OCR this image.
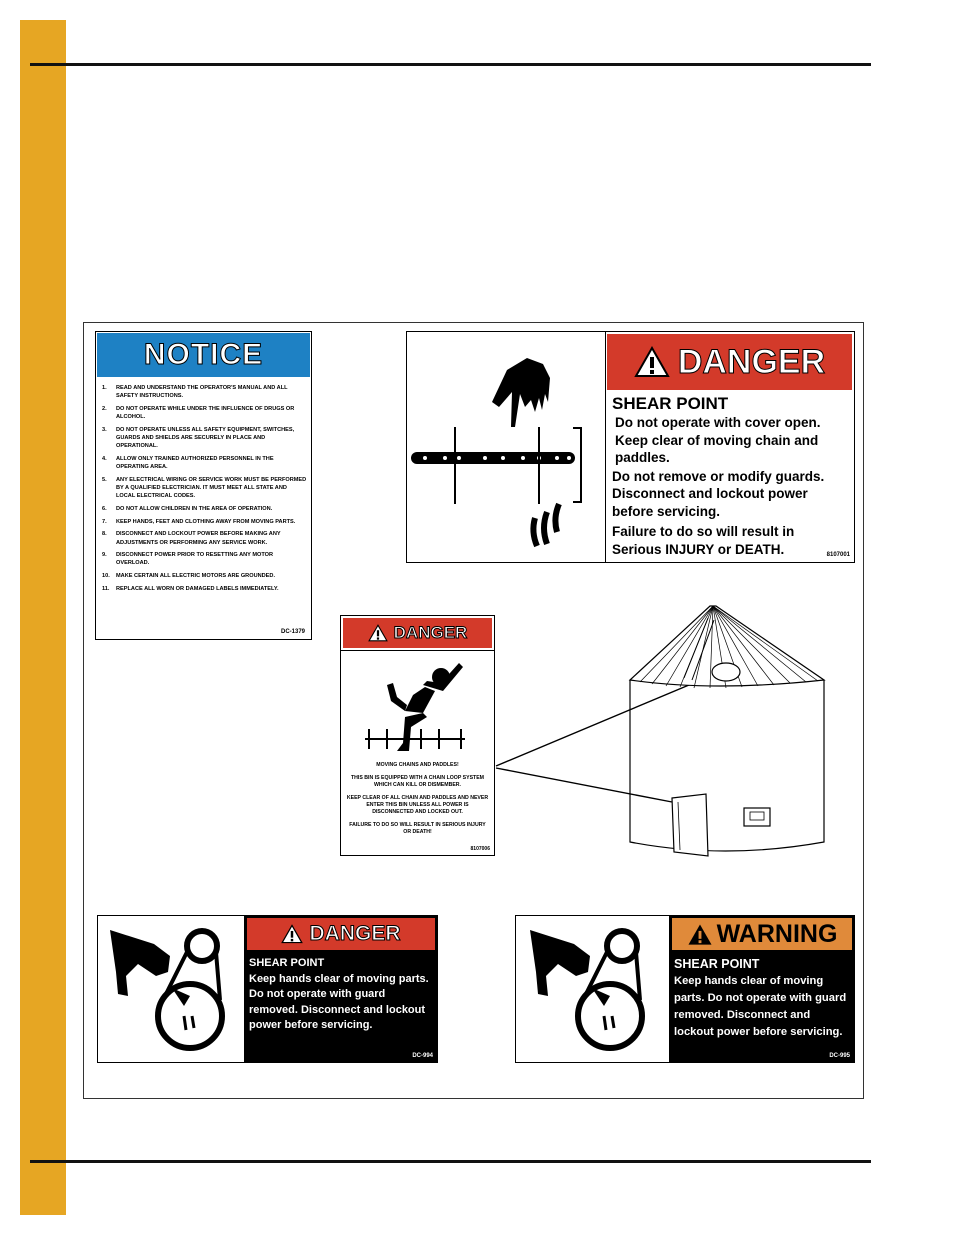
NOTICE
1.	READ AND UNDERSTAND THE OPERATOR'S MANUAL AND ALL SAFETY INSTRUCTIONS.
2.	DO NOT OPERATE WHILE UNDER THE INFLUENCE OF DRUGS OR ALCOHOL.
3.	DO NOT OPERATE UNLESS ALL SAFETY EQUIPMENT, SWITCHES, GUARDS AND SHIELDS ARE SECURELY IN PLACE AND OPERATIONAL.
4.	ALLOW ONLY TRAINED AUTHORIZED PERSONNEL IN THE OPERATING AREA.
5.	ANY ELECTRICAL WIRING OR SERVICE WORK MUST BE PERFORMED BY A QUALIFIED ELECTRICIAN. IT MUST MEET ALL STATE AND LOCAL ELECTRICAL CODES.
6.	DO NOT ALLOW CHILDREN IN THE AREA OF OPERATION.
7.	KEEP HANDS, FEET AND CLOTHING AWAY FROM MOVING PARTS.
8.	DISCONNECT AND LOCKOUT POWER BEFORE MAKING ANY ADJUSTMENTS OR PERFORMING ANY SERVICE WORK.
9.	DISCONNECT POWER PRIOR TO RESETTING ANY MOTOR OVERLOAD.
10.	MAKE CERTAIN ALL ELECTRIC MOTORS ARE GROUNDED.
11.	REPLACE ALL WORN OR DAMAGED LABELS IMMEDIATELY.
DC-1379
DANGER
SHEAR POINT
Do not operate with cover open.
Keep clear of moving chain and
paddles.
Do not remove or modify guards.
Disconnect and lockout power
before servicing.
Failure to do so will result in
Serious INJURY or DEATH.	8107001
DANGER

MOVING CHAINS AND PADDLES!

THIS BIN IS EQUIPPED WITH A CHAIN LOOP SYSTEM WHICH CAN KILL OR DISMEMBER.

KEEP CLEAR OF ALL CHAIN AND PADDLES AND NEVER ENTER THIS BIN UNLESS ALL POWER IS DISCONNECTED AND LOCKED OUT.

FAILURE TO DO SO WILL RESULT IN SERIOUS INJURY OR DEATH!

8107006
DANGER
SHEAR POINT
Keep hands clear of moving parts. Do not operate with guard removed. Disconnect and lockout power before servicing.
DC-994
WARNING
SHEAR POINT
Keep hands clear of moving parts. Do not operate with guard removed. Disconnect and lockout power before servicing.
DC-995
